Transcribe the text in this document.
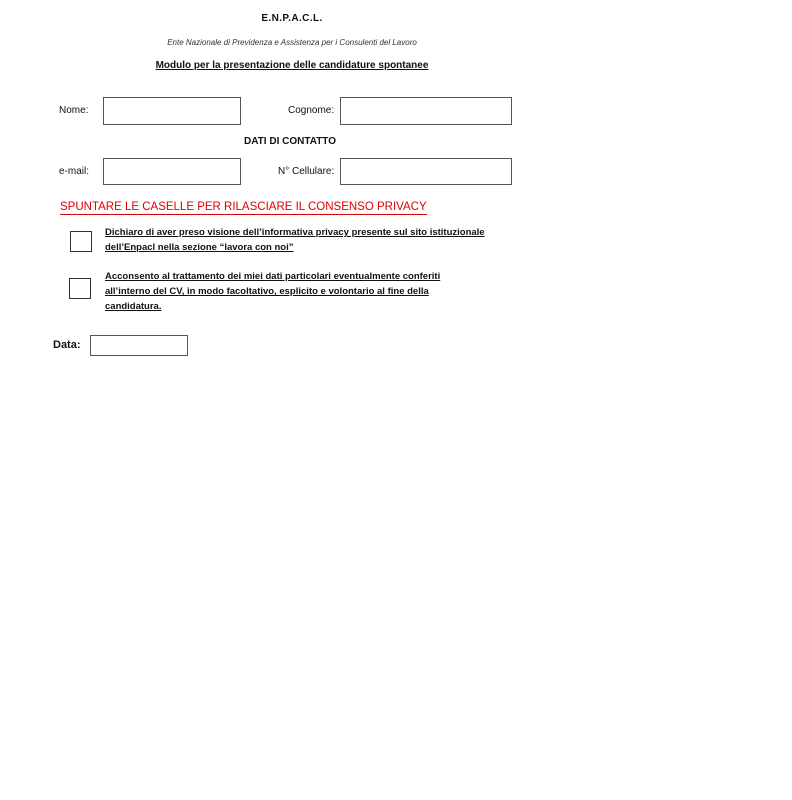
E.N.P.A.C.L.
Ente Nazionale di Previdenza e Assistenza per i Consulenti del Lavoro
Modulo per la presentazione delle candidature spontanee
Nome:	Cognome:
DATI DI CONTATTO
e-mail:	N° Cellulare:
SPUNTARE LE CASELLE PER RILASCIARE IL CONSENSO PRIVACY
Dichiaro di aver preso visione dell’informativa privacy presente sul sito istituzionale
dell’Enpacl nella sezione “lavora con noi”
Acconsento al trattamento dei miei dati particolari eventualmente conferiti
all’interno del CV, in modo facoltativo, esplicito e volontario al fine della
candidatura.
Data:
